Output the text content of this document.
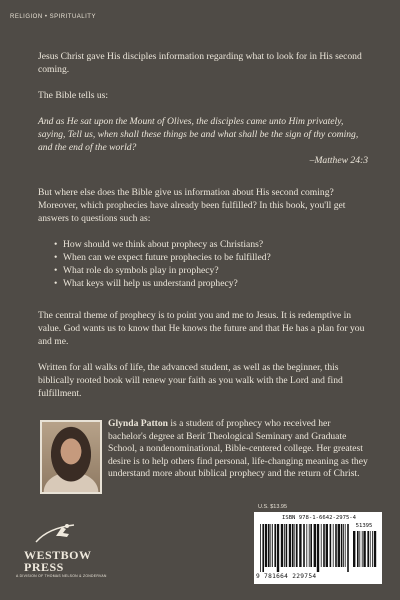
RELIGION • SPIRITUALITY

Jesus Christ gave His disciples information regarding what to look for in His second coming.

The Bible tells us:

And as He sat upon the Mount of Olives, the disciples came unto Him privately, saying, Tell us, when shall these things be and what shall be the sign of thy coming, and the end of the world?

–Matthew 24:3

But where else does the Bible give us information about His second coming? Moreover, which prophecies have already been fulfilled? In this book, you'll get answers to questions such as:

• How should we think about prophecy as Christians?
• When can we expect future prophecies to be fulfilled?
• What role do symbols play in prophecy?
• What keys will help us understand prophecy?

The central theme of prophecy is to point you and me to Jesus. It is redemptive in value. God wants us to know that He knows the future and that He has a plan for you and me.

Written for all walks of life, the advanced student, as well as the beginner, this biblically rooted book will renew your faith as you walk with the Lord and find fulfillment.

Glynda Patton is a student of prophecy who received her bachelor's degree at Berit Theological Seminary and Graduate School, a nondenominational, Bible-centered college. Her greatest desire is to help others find personal, life-changing meaning as they understand more about biblical prophecy and the return of Christ.
WESTBOW PRESS
A DIVISION OF THOMAS NELSON & ZONDERVAN
U.S. $13.95
ISBN 978-1-6642-2975-4
51395
9 781664 229754
